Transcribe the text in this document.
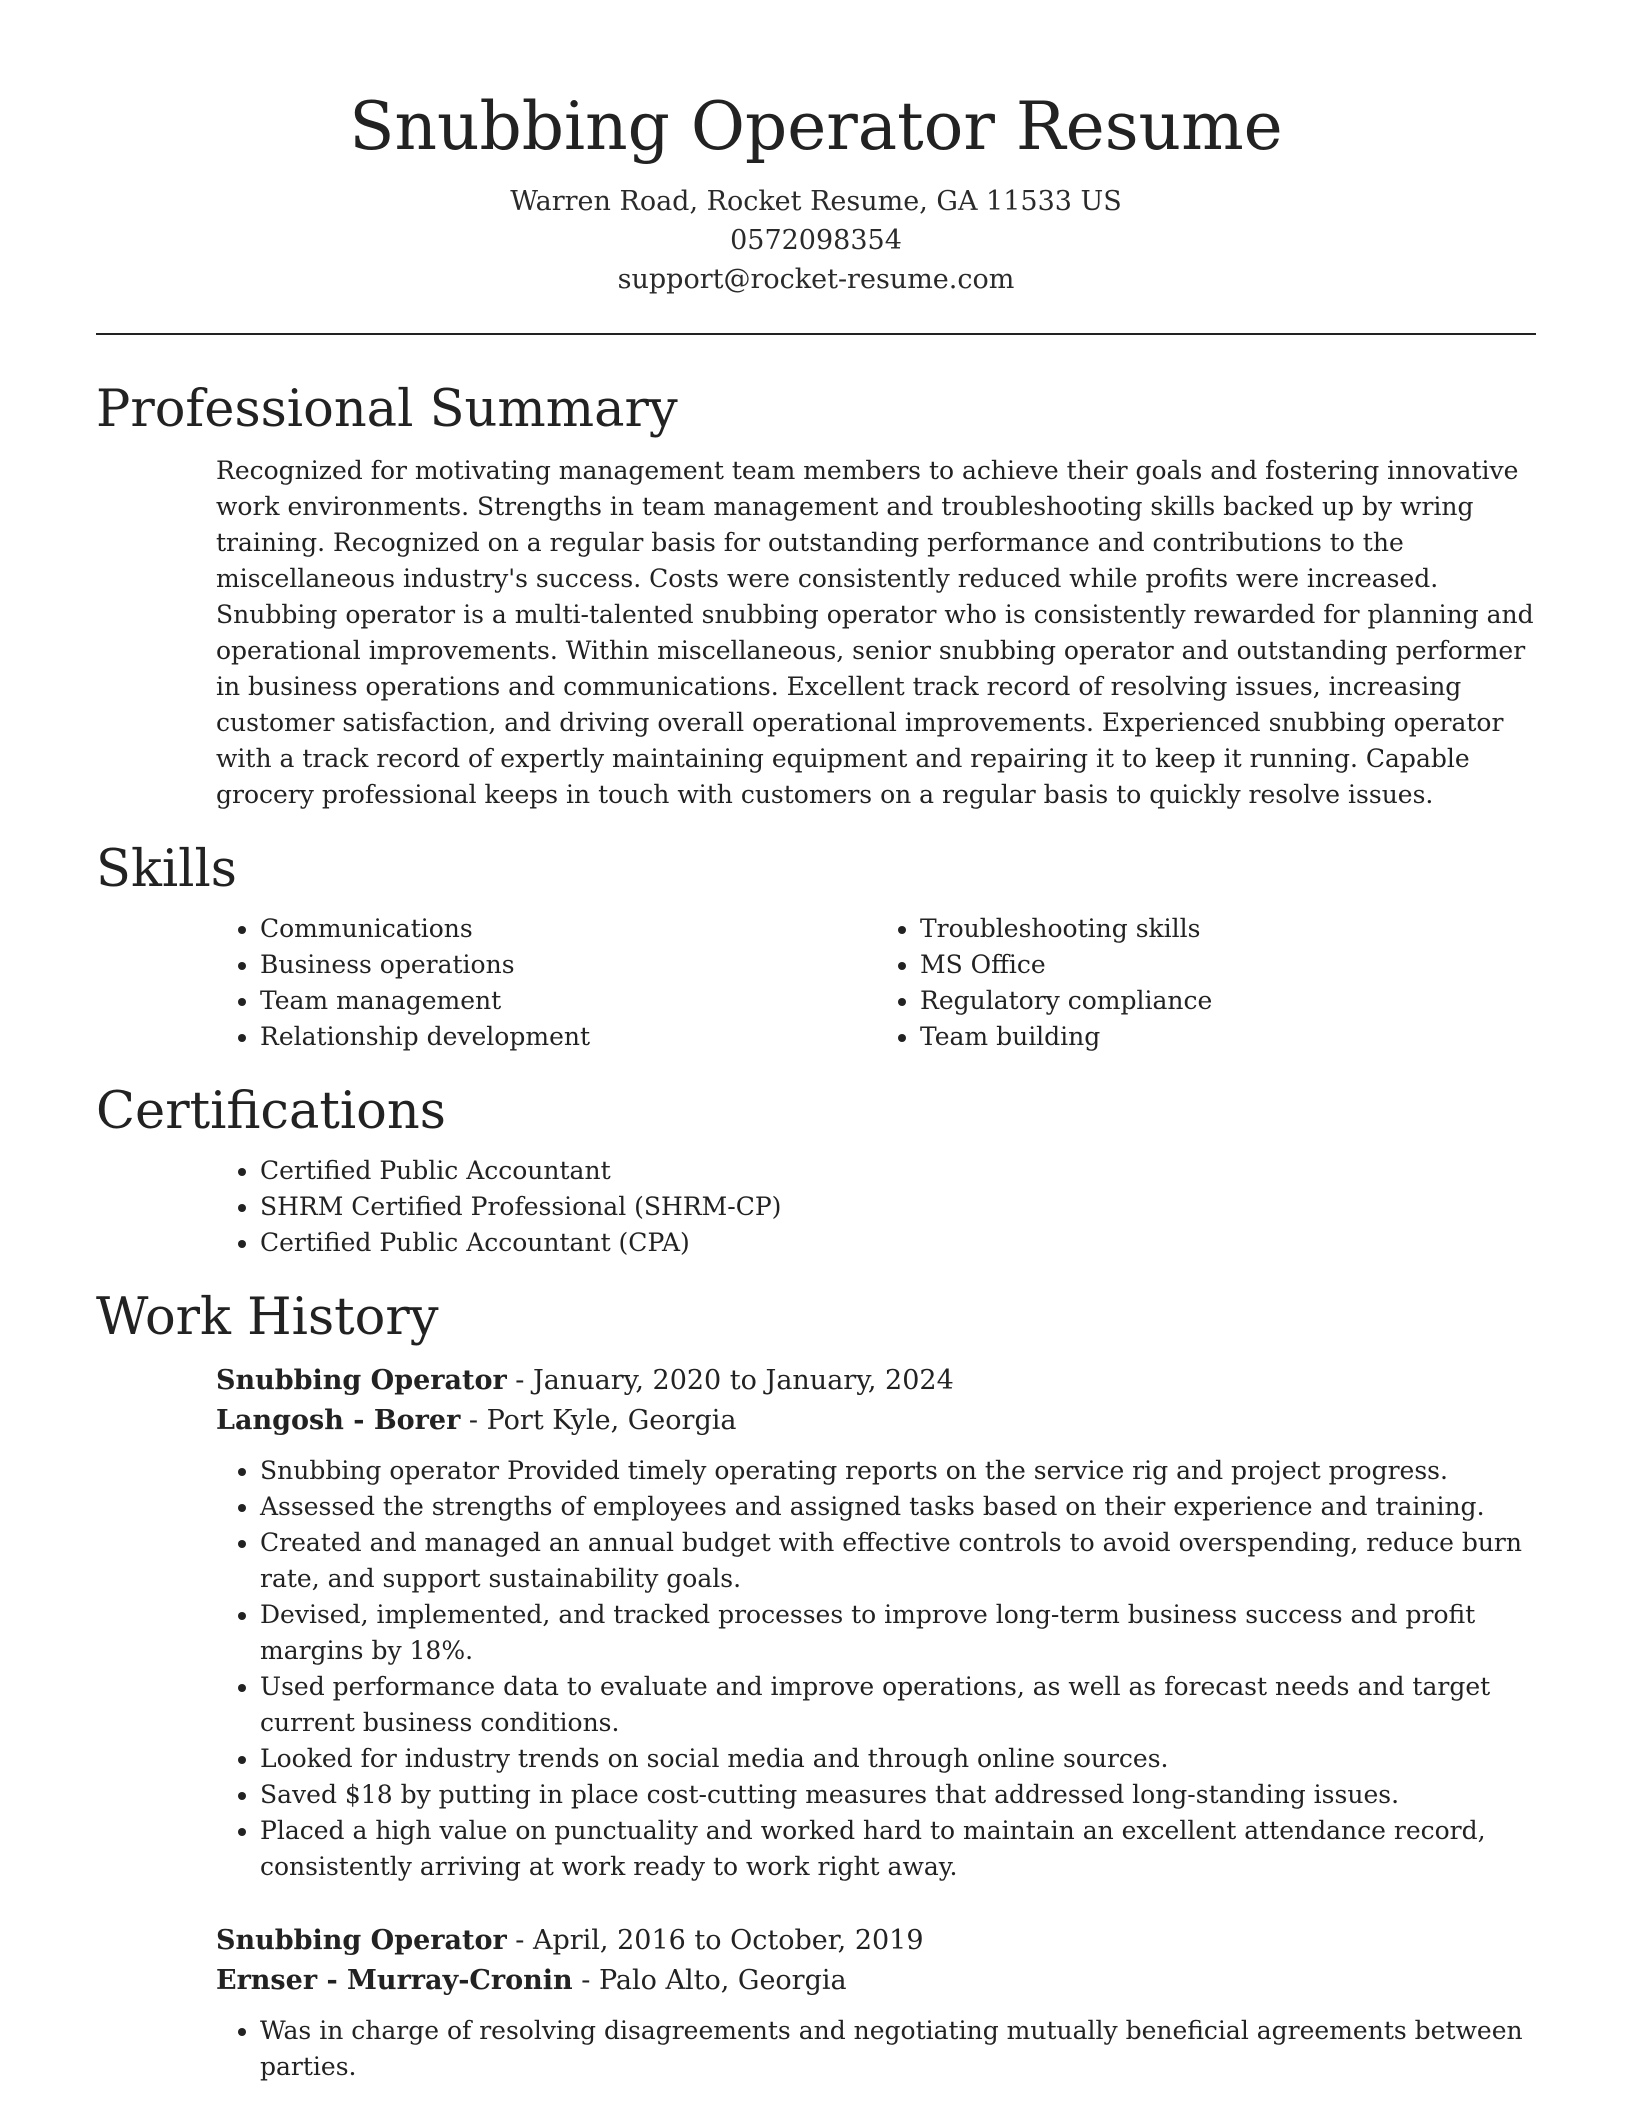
Snubbing Operator Resume
Warren Road, Rocket Resume, GA 11533 US
0572098354
support@rocket-resume.com
Professional Summary

Recognized for motivating management team members to achieve their goals and fostering innovative work environments. Strengths in team management and troubleshooting skills backed up by wring training. Recognized on a regular basis for outstanding performance and contributions to the miscellaneous industry's success. Costs were consistently reduced while profits were increased. Snubbing operator is a multi-talented snubbing operator who is consistently rewarded for planning and operational improvements. Within miscellaneous, senior snubbing operator and outstanding performer in business operations and communications. Excellent track record of resolving issues, increasing customer satisfaction, and driving overall operational improvements. Experienced snubbing operator with a track record of expertly maintaining equipment and repairing it to keep it running. Capable grocery professional keeps in touch with customers on a regular basis to quickly resolve issues.

Skills
• Communications
• Business operations
• Team management
• Relationship development
• Troubleshooting skills
• MS Office
• Regulatory compliance
• Team building
Certifications
• Certified Public Accountant
• SHRM Certified Professional (SHRM-CP)
• Certified Public Accountant (CPA)
Work History
Snubbing Operator - January, 2020 to January, 2024
Langosh - Borer - Port Kyle, Georgia
• Snubbing operator Provided timely operating reports on the service rig and project progress.
• Assessed the strengths of employees and assigned tasks based on their experience and training.
• Created and managed an annual budget with effective controls to avoid overspending, reduce burn rate, and support sustainability goals.
• Devised, implemented, and tracked processes to improve long-term business success and profit margins by 18%.
• Used performance data to evaluate and improve operations, as well as forecast needs and target current business conditions.
• Looked for industry trends on social media and through online sources.
• Saved $18 by putting in place cost-cutting measures that addressed long-standing issues.
• Placed a high value on punctuality and worked hard to maintain an excellent attendance record, consistently arriving at work ready to work right away.
Snubbing Operator - April, 2016 to October, 2019
Ernser - Murray-Cronin - Palo Alto, Georgia
• Was in charge of resolving disagreements and negotiating mutually beneficial agreements between parties.
